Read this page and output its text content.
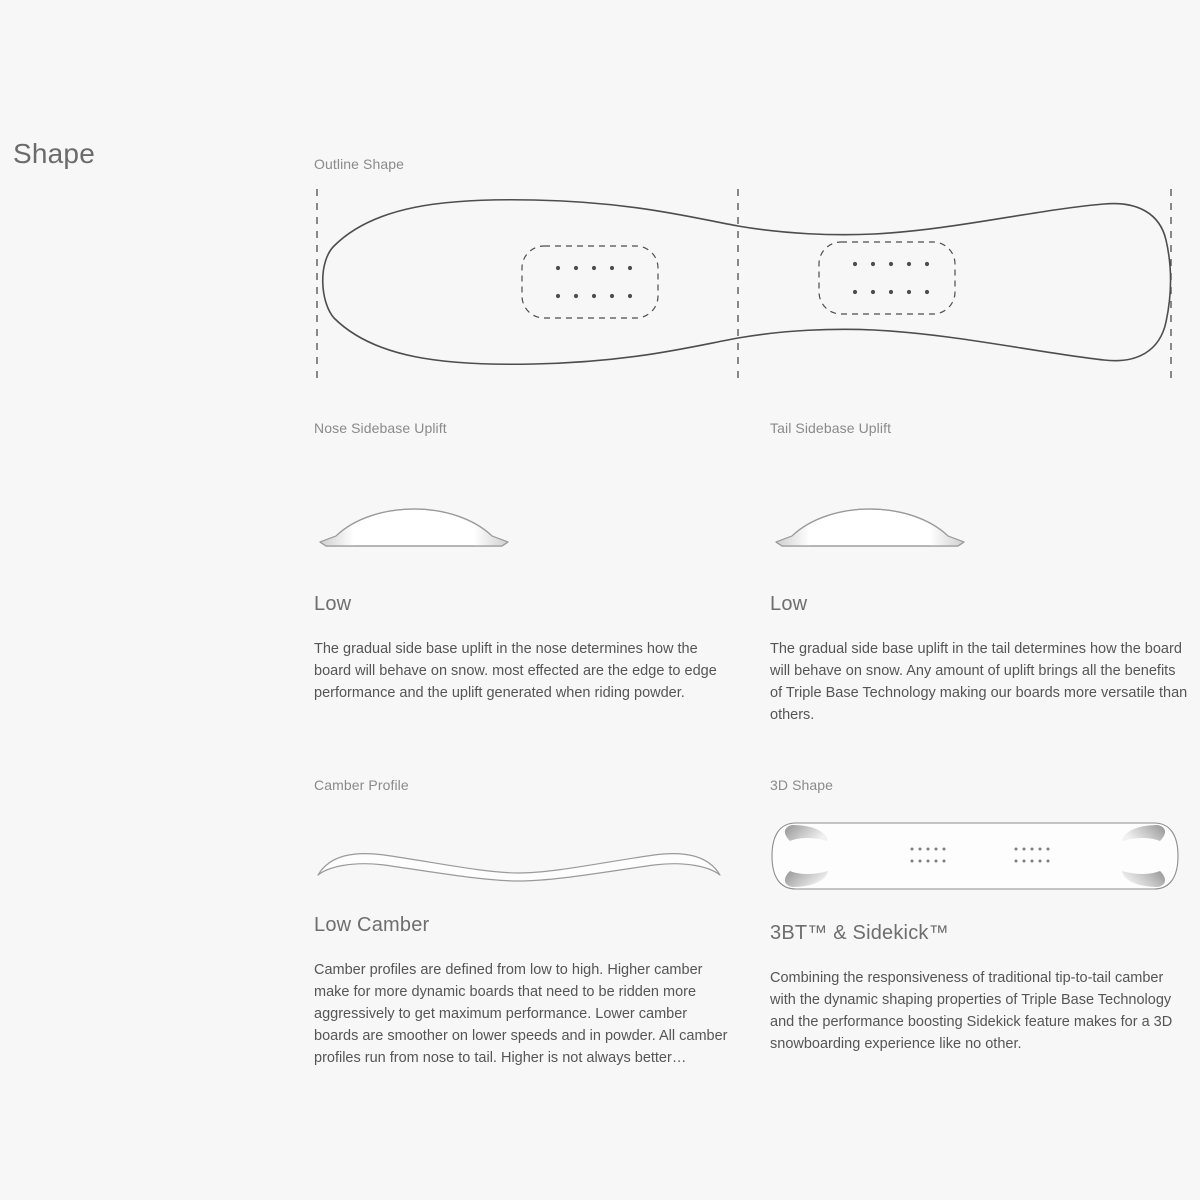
Shape	Outline Shape
Nose Sidebase Uplift
Low
The gradual side base uplift in the nose determines how the board will behave on snow. most effected are the edge to edge performance and the uplift generated when riding powder.
Tail Sidebase Uplift
Low
The gradual side base uplift in the tail determines how the board will behave on snow. Any amount of uplift brings all the benefits of Triple Base Technology making our boards more versatile than others.
Camber Profile
Low Camber
Camber profiles are defined from low to high. Higher camber make for more dynamic boards that need to be ridden more aggressively to get maximum performance. Lower camber boards are smoother on lower speeds and in powder. All camber profiles run from nose to tail. Higher is not always better…
3D Shape
3BT™ & Sidekick™
Combining the responsiveness of traditional tip-to-tail camber with the dynamic shaping properties of Triple Base Technology and the performance boosting Sidekick feature makes for a 3D snowboarding experience like no other.
